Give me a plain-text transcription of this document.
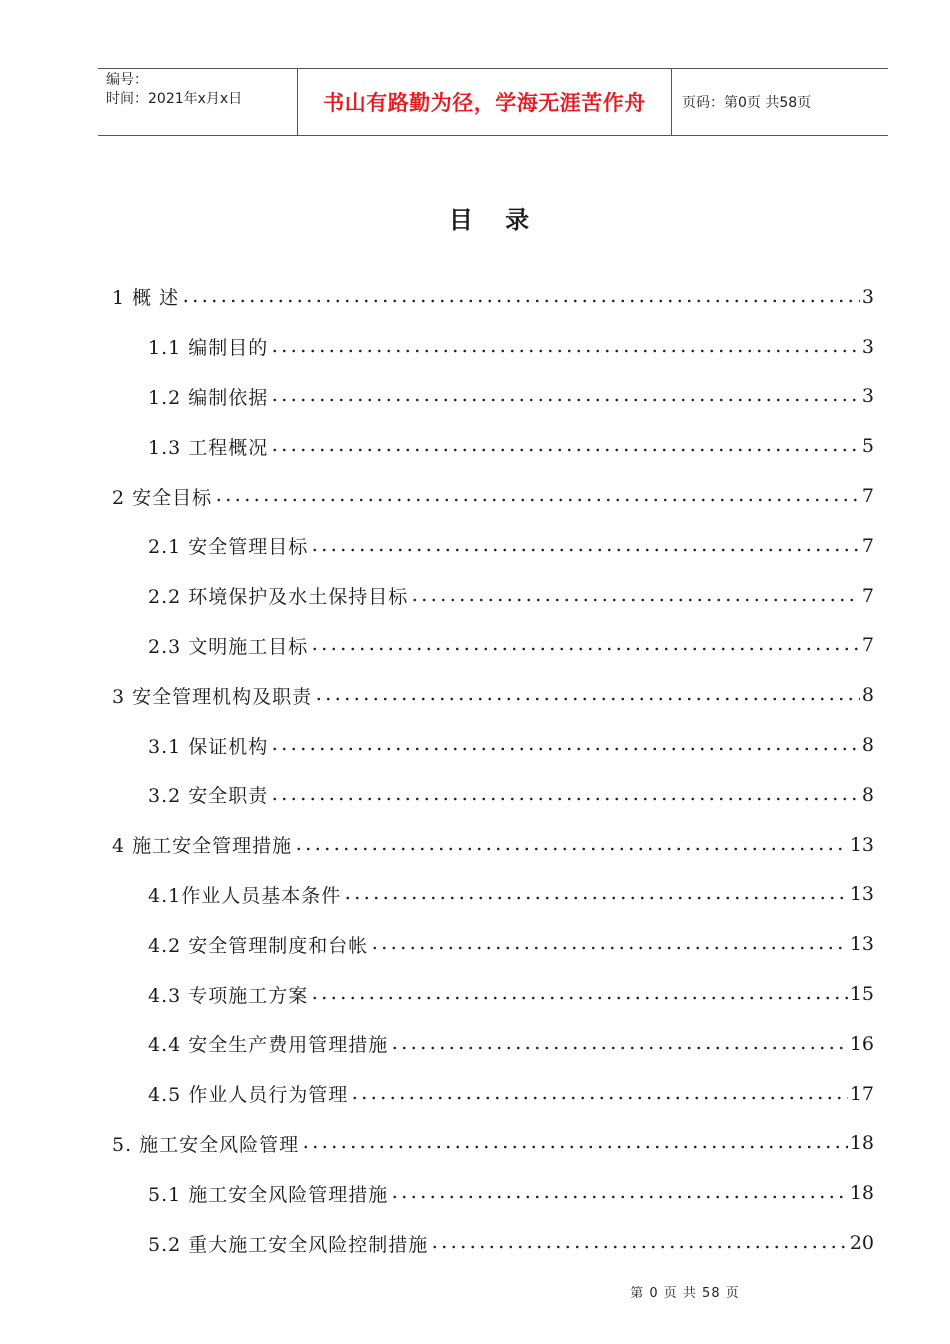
编号：
时间：2021年x月x日	书山有路勤为径，学海无涯苦作舟	页码：第0页 共58页
目 录
1 概 述	3
1.1 编制目的	3
1.2 编制依据	3
1.3 工程概况	5
2 安全目标	7
2.1 安全管理目标	7
2.2 环境保护及水土保持目标	7
2.3 文明施工目标	7
3 安全管理机构及职责	8
3.1 保证机构	8
3.2 安全职责	8
4 施工安全管理措施	13
4.1作业人员基本条件	13
4.2 安全管理制度和台帐	13
4.3 专项施工方案	15
4.4 安全生产费用管理措施	16
4.5 作业人员行为管理	17
5. 施工安全风险管理	18
5.1 施工安全风险管理措施	18
5.2 重大施工安全风险控制措施	20
第 0 页 共 58 页
